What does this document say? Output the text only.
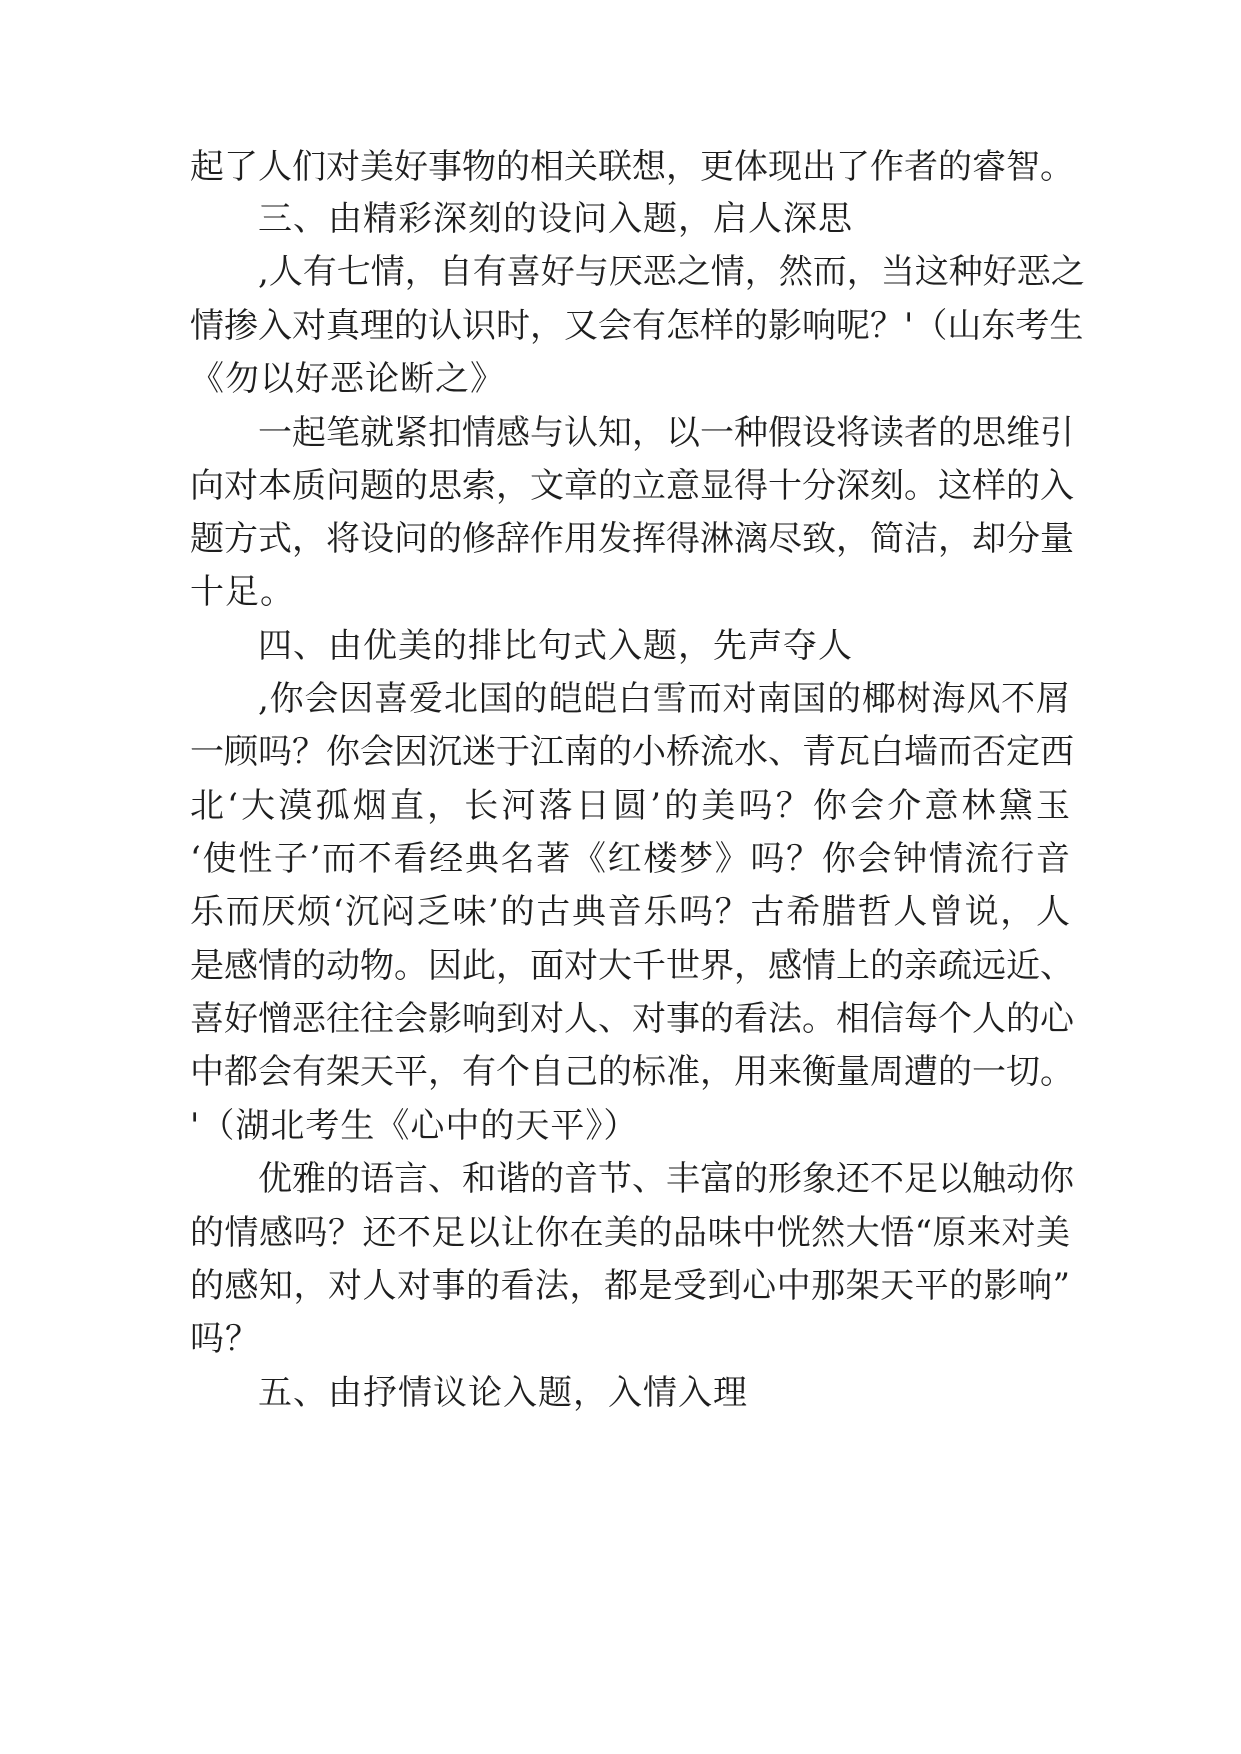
起了人们对美好事物的相关联想，更体现出了作者的睿智。
三、由精彩深刻的设问入题，启人深思
,人有七情，自有喜好与厌恶之情，然而，当这种好恶之
情掺入对真理的认识时，又会有怎样的影响呢？'（山东考生
《勿以好恶论断之》
一起笔就紧扣情感与认知，以一种假设将读者的思维引
向对本质问题的思索，文章的立意显得十分深刻。这样的入
题方式，将设问的修辞作用发挥得淋漓尽致，简洁，却分量
十足。
四、由优美的排比句式入题，先声夺人
,你会因喜爱北国的皑皑白雪而对南国的椰树海风不屑
一顾吗？你会因沉迷于江南的小桥流水、青瓦白墙而否定西
北‘大漠孤烟直，长河落日圆’的美吗？你会介意林黛玉
‘使性子’而不看经典名著《红楼梦》吗？你会钟情流行音
乐而厌烦‘沉闷乏味’的古典音乐吗？古希腊哲人曾说，人
是感情的动物。因此，面对大千世界，感情上的亲疏远近、
喜好憎恶往往会影响到对人、对事的看法。相信每个人的心
中都会有架天平，有个自己的标准，用来衡量周遭的一切。
'（湖北考生《心中的天平》）
优雅的语言、和谐的音节、丰富的形象还不足以触动你
的情感吗？还不足以让你在美的品味中恍然大悟“原来对美
的感知，对人对事的看法，都是受到心中那架天平的影响”
吗？
五、由抒情议论入题，入情入理
